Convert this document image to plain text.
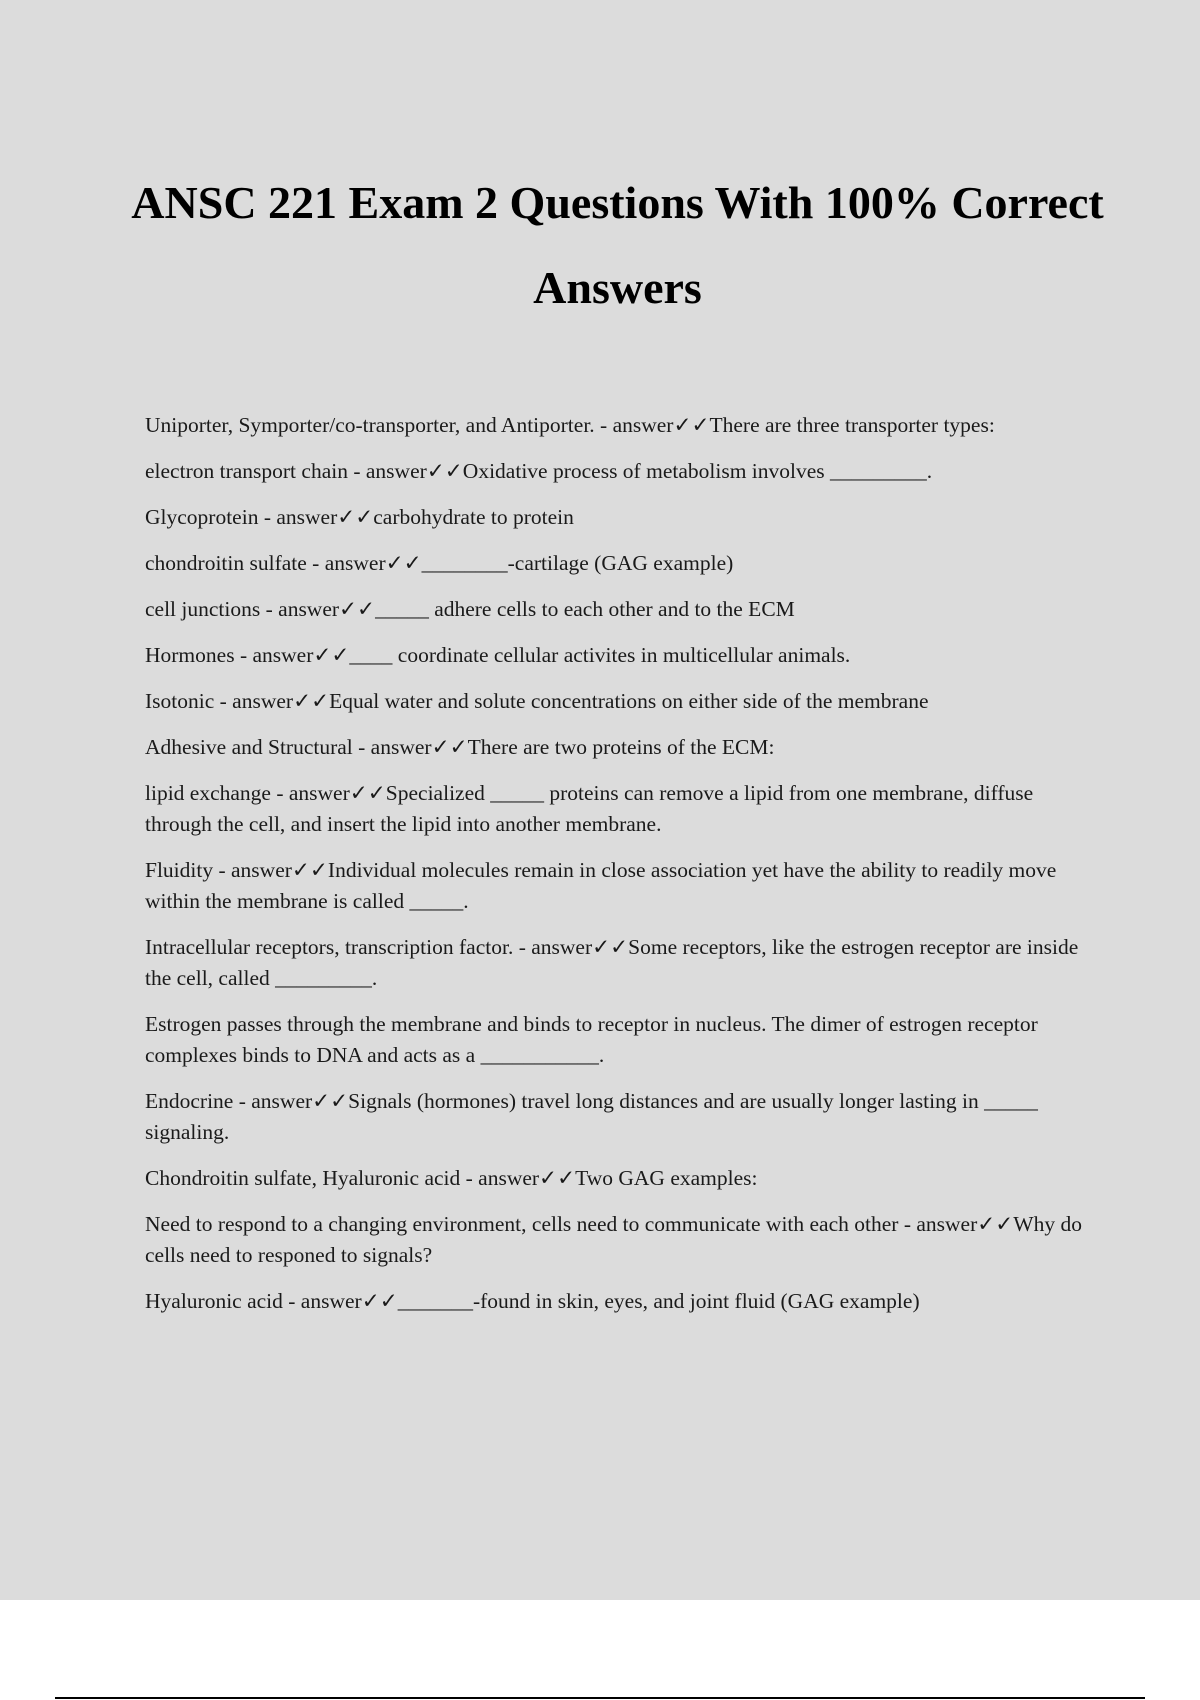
ANSC 221 Exam 2 Questions With 100% Correct Answers
Uniporter, Symporter/co-transporter, and Antiporter. - answer✓✓There are three transporter types:
electron transport chain - answer✓✓Oxidative process of metabolism involves _________.
Glycoprotein - answer✓✓carbohydrate to protein
chondroitin sulfate - answer✓✓________-cartilage (GAG example)
cell junctions - answer✓✓_____ adhere cells to each other and to the ECM
Hormones - answer✓✓____ coordinate cellular activites in multicellular animals.
Isotonic - answer✓✓Equal water and solute concentrations on either side of the membrane
Adhesive and Structural - answer✓✓There are two proteins of the ECM:
lipid exchange - answer✓✓Specialized _____ proteins can remove a lipid from one membrane, diffuse through the cell, and insert the lipid into another membrane.
Fluidity - answer✓✓Individual molecules remain in close association yet have the ability to readily move within the membrane is called _____.
Intracellular receptors, transcription factor. - answer✓✓Some receptors, like the estrogen receptor are inside the cell, called _________.
Estrogen passes through the membrane and binds to receptor in nucleus. The dimer of estrogen receptor complexes binds to DNA and acts as a ___________.
Endocrine - answer✓✓Signals (hormones) travel long distances and are usually longer lasting in _____ signaling.
Chondroitin sulfate, Hyaluronic acid - answer✓✓Two GAG examples:
Need to respond to a changing environment, cells need to communicate with each other - answer✓✓Why do cells need to responed to signals?
Hyaluronic acid - answer✓✓_______-found in skin, eyes, and joint fluid (GAG example)
